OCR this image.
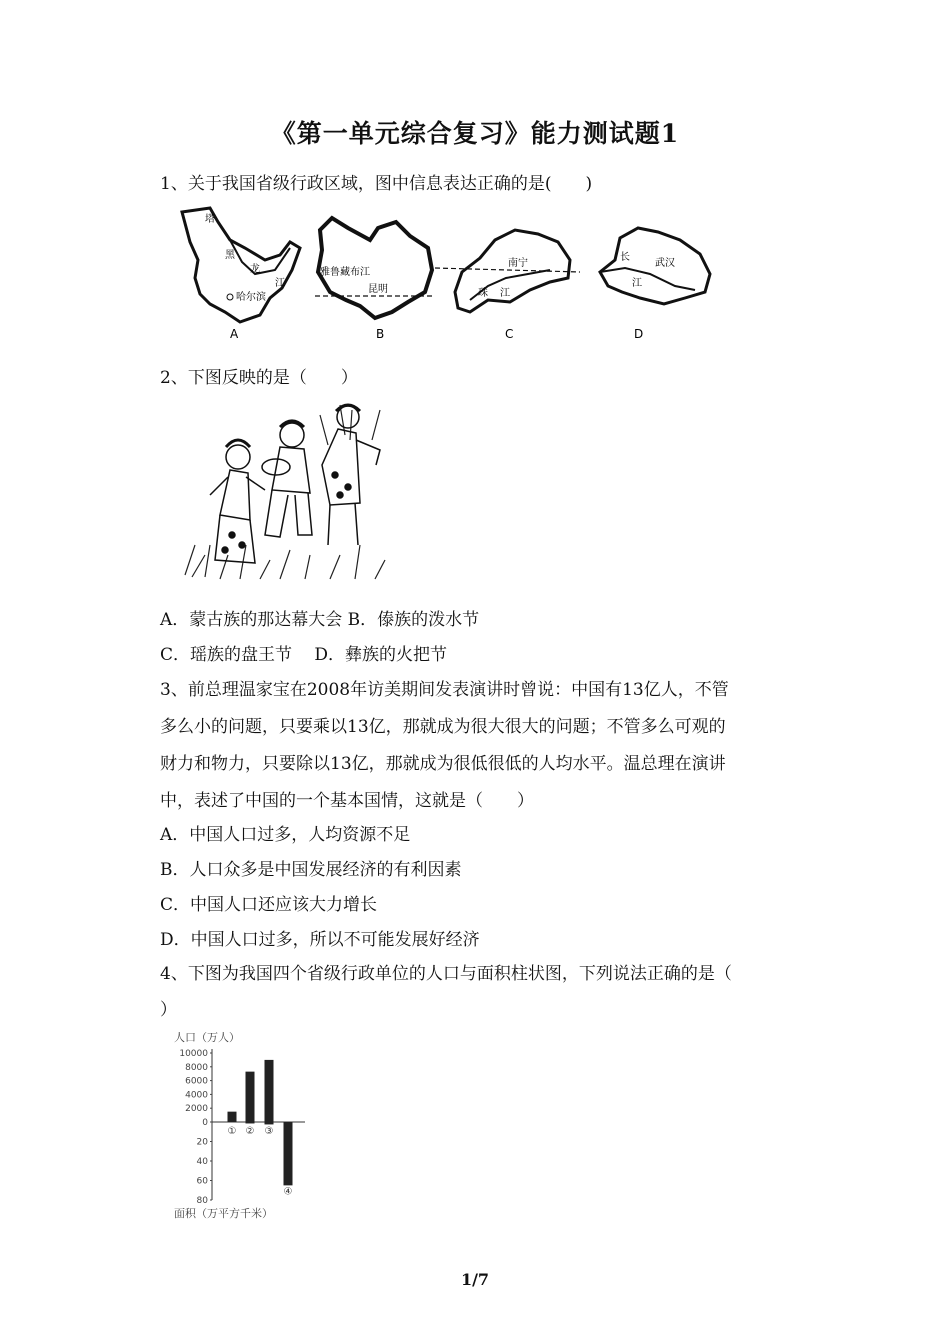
《第一单元综合复习》能力测试题1
1、关于我国省级行政区域，图中信息表达正确的是(　　)
塔
黑
龙
江
哈尔滨
A
雅鲁藏布江
昆明
B
南宁
珠 江
C
长
武汉
江
D
2、下图反映的是（　　）
A．蒙古族的那达幕大会 B．傣族的泼水节
C．瑶族的盘王节　 D．彝族的火把节
3、前总理温家宝在2008年访美期间发表演讲时曾说：中国有13亿人，不管
多么小的问题，只要乘以13亿，那就成为很大很大的问题；不管多么可观的
财力和物力，只要除以13亿，那就成为很低很低的人均水平。温总理在演讲
中，表述了中国的一个基本国情，这就是（　　）
A．中国人口过多，人均资源不足
B．人口众多是中国发展经济的有利因素
C．中国人口还应该大力增长
D．中国人口过多，所以不可能发展好经济
4、下图为我国四个省级行政单位的人口与面积柱状图，下列说法正确的是（
）
人口（万人）
面积（万平方千米）
10000
8000
6000
4000
2000
0
20
40
60
80
① ② ③
④
1/7
